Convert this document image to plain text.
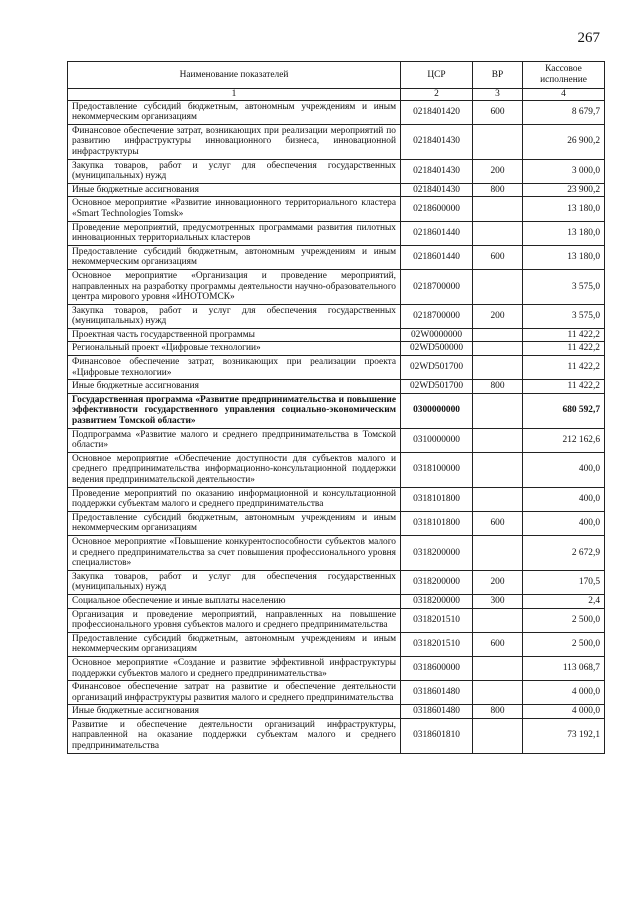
267
Наименование показателей	ЦСР	ВР	Кассовое исполнение
1	2	3	4
Предоставление субсидий бюджетным, автономным учреждениям и иным некоммерческим организациям	0218401420	600	8 679,7
Финансовое обеспечение затрат, возникающих при реализации мероприятий по развитию инфраструктуры инновационного бизнеса, инновационной инфраструктуры	0218401430		26 900,2
Закупка товаров, работ и услуг для обеспечения государственных (муниципальных) нужд	0218401430	200	3 000,0
Иные бюджетные ассигнования	0218401430	800	23 900,2
Основное мероприятие «Развитие инновационного территориального кластера «Smart Technologies Tomsk»	0218600000		13 180,0
Проведение мероприятий, предусмотренных программами развития пилотных инновационных территориальных кластеров	0218601440		13 180,0
Предоставление субсидий бюджетным, автономным учреждениям и иным некоммерческим организациям	0218601440	600	13 180,0
Основное мероприятие «Организация и проведение мероприятий, направленных на разработку программы деятельности научно-образовательного центра мирового уровня «ИНОТОМСК»	0218700000		3 575,0
Закупка товаров, работ и услуг для обеспечения государственных (муниципальных) нужд	0218700000	200	3 575,0
Проектная часть государственной программы	02W0000000		11 422,2
Региональный проект «Цифровые технологии»	02WD500000		11 422,2
Финансовое обеспечение затрат, возникающих при реализации проекта «Цифровые технологии»	02WD501700		11 422,2
Иные бюджетные ассигнования	02WD501700	800	11 422,2
Государственная программа «Развитие предпринимательства и повышение эффективности государственного управления социально-экономическим развитием Томской области»	0300000000		680 592,7
Подпрограмма «Развитие малого и среднего предпринимательства в Томской области»	0310000000		212 162,6
Основное мероприятие «Обеспечение доступности для субъектов малого и среднего предпринимательства информационно-консультационной поддержки ведения предпринимательской деятельности»	0318100000		400,0
Проведение мероприятий по оказанию информационной и консультационной поддержки субъектам малого и среднего предпринимательства	0318101800		400,0
Предоставление субсидий бюджетным, автономным учреждениям и иным некоммерческим организациям	0318101800	600	400,0
Основное мероприятие «Повышение конкурентоспособности субъектов малого и среднего предпринимательства за счет повышения профессионального уровня специалистов»	0318200000		2 672,9
Закупка товаров, работ и услуг для обеспечения государственных (муниципальных) нужд	0318200000	200	170,5
Социальное обеспечение и иные выплаты населению	0318200000	300	2,4
Организация и проведение мероприятий, направленных на повышение профессионального уровня субъектов малого и среднего предпринимательства	0318201510		2 500,0
Предоставление субсидий бюджетным, автономным учреждениям и иным некоммерческим организациям	0318201510	600	2 500,0
Основное мероприятие «Создание и развитие эффективной инфраструктуры поддержки субъектов малого и среднего предпринимательства»	0318600000		113 068,7
Финансовое обеспечение затрат на развитие и обеспечение деятельности организаций инфраструктуры развития малого и среднего предпринимательства	0318601480		4 000,0
Иные бюджетные ассигнования	0318601480	800	4 000,0
Развитие и обеспечение деятельности организаций инфраструктуры, направленной на оказание поддержки субъектам малого и среднего предпринимательства	0318601810		73 192,1
